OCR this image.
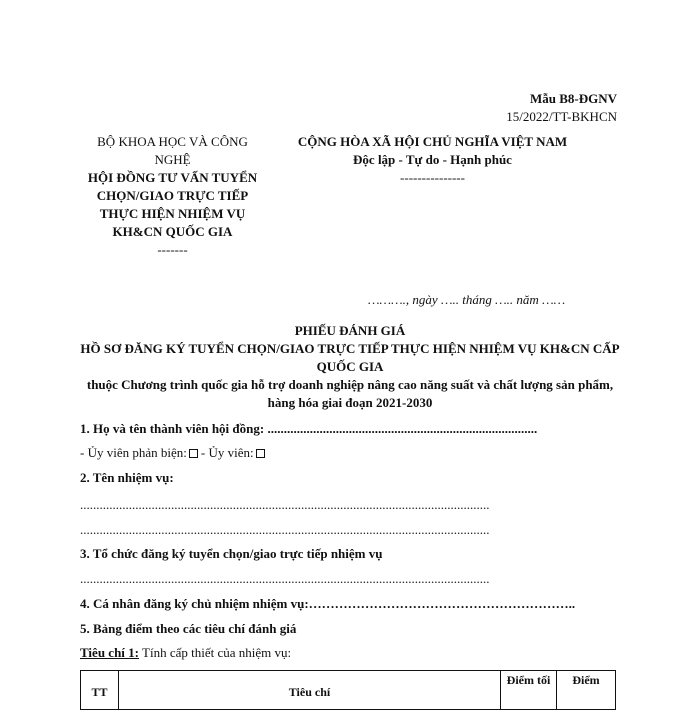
Mẫu B8-ĐGNV
15/2022/TT-BKHCN
BỘ KHOA HỌC VÀ CÔNG NGHỆ
HỘI ĐỒNG TƯ VẤN TUYỂN CHỌN/GIAO TRỰC TIẾP THỰC HIỆN NHIỆM VỤ KH&CN QUỐC GIA
-------
CỘNG HÒA XÃ HỘI CHỦ NGHĨA VIỆT NAM
Độc lập - Tự do - Hạnh phúc
---------------
………., ngày ….. tháng ….. năm ……
PHIẾU ĐÁNH GIÁ
HỒ SƠ ĐĂNG KÝ TUYỂN CHỌN/GIAO TRỰC TIẾP THỰC HIỆN NHIỆM VỤ KH&CN CẤP QUỐC GIA
thuộc Chương trình quốc gia hỗ trợ doanh nghiệp nâng cao năng suất và chất lượng sản phẩm, hàng hóa giai đoạn 2021-2030
1. Họ và tên thành viên hội đồng: ...................................................................................
- Ủy viên phản biện: - Ủy viên:
2. Tên nhiệm vụ:
..............................................................................................................................
..............................................................................................................................
3. Tổ chức đăng ký tuyển chọn/giao trực tiếp nhiệm vụ
..............................................................................................................................
4. Cá nhân đăng ký chủ nhiệm nhiệm vụ:……………………………………………………..
5. Bảng điểm theo các tiêu chí đánh giá
Tiêu chí 1: Tính cấp thiết của nhiệm vụ:
TT	Tiêu chí	Điểm tối	Điểm
